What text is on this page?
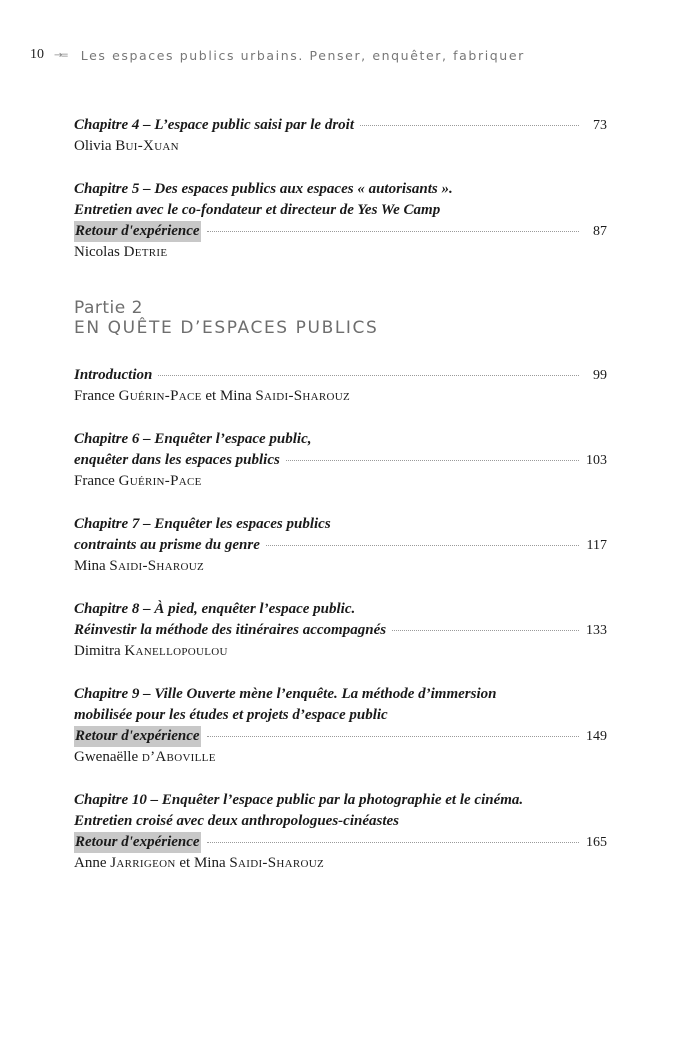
10 →= Les espaces publics urbains. Penser, enquêter, fabriquer
Chapitre 4 – L’espace public saisi par le droit	73
Olivia Bui-Xuan
Chapitre 5 – Des espaces publics aux espaces « autorisants ».
Entretien avec le co-fondateur et directeur de Yes We Camp
Retour d'expérience	87
Nicolas Detrie
Partie 2
EN QUÊTE D’ESPACES PUBLICS
Introduction	99
France Guérin-Pace et Mina Saidi-Sharouz
Chapitre 6 – Enquêter l’espace public,
enquêter dans les espaces publics	103
France Guérin-Pace
Chapitre 7 – Enquêter les espaces publics
contraints au prisme du genre	117
Mina Saidi-Sharouz
Chapitre 8 – À pied, enquêter l’espace public.
Réinvestir la méthode des itinéraires accompagnés	133
Dimitra Kanellopoulou
Chapitre 9 – Ville Ouverte mène l’enquête. La méthode d’immersion
mobilisée pour les études et projets d’espace public
Retour d'expérience	149
Gwenaëlle d’Aboville
Chapitre 10 – Enquêter l’espace public par la photographie et le cinéma.
Entretien croisé avec deux anthropologues-cinéastes
Retour d'expérience	165
Anne Jarrigeon et Mina Saidi-Sharouz
